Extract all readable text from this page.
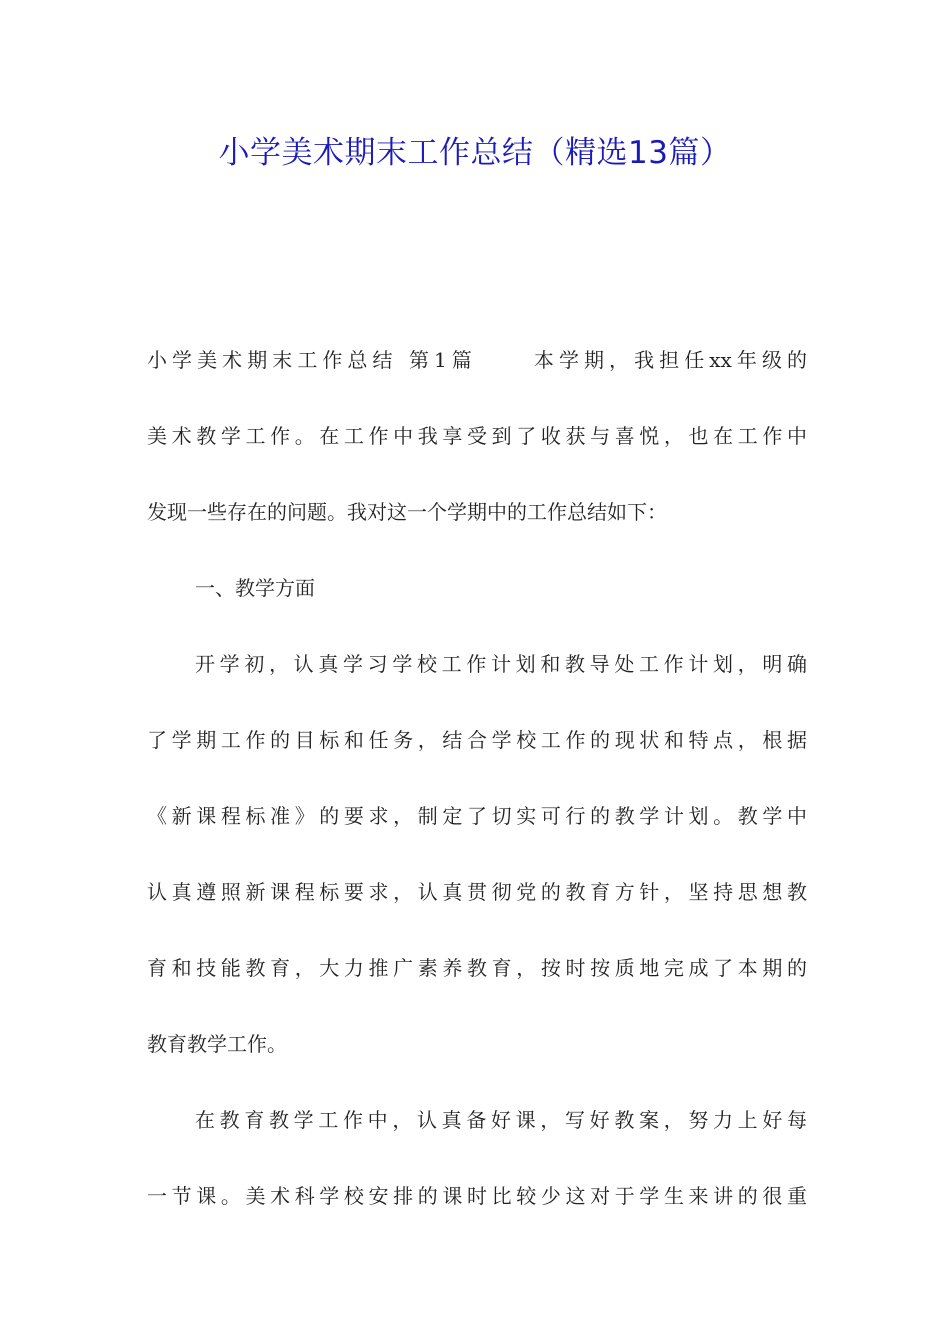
小学美术期末工作总结（精选13篇）
小学美术期末工作总结 第1篇	本学期，我担任xx年级的
美术教学工作。在工作中我享受到了收获与喜悦，也在工作中
发现一些存在的问题。我对这一个学期中的工作总结如下：
一、教学方面
开学初，认真学习学校工作计划和教导处工作计划，明确
了学期工作的目标和任务，结合学校工作的现状和特点，根据
《新课程标准》的要求，制定了切实可行的教学计划。教学中
认真遵照新课程标要求，认真贯彻党的教育方针，坚持思想教
育和技能教育，大力推广素养教育，按时按质地完成了本期的
教育教学工作。
在教育教学工作中，认真备好课，写好教案，努力上好每
一节课。美术科学校安排的课时比较少这对于学生来讲的很重
